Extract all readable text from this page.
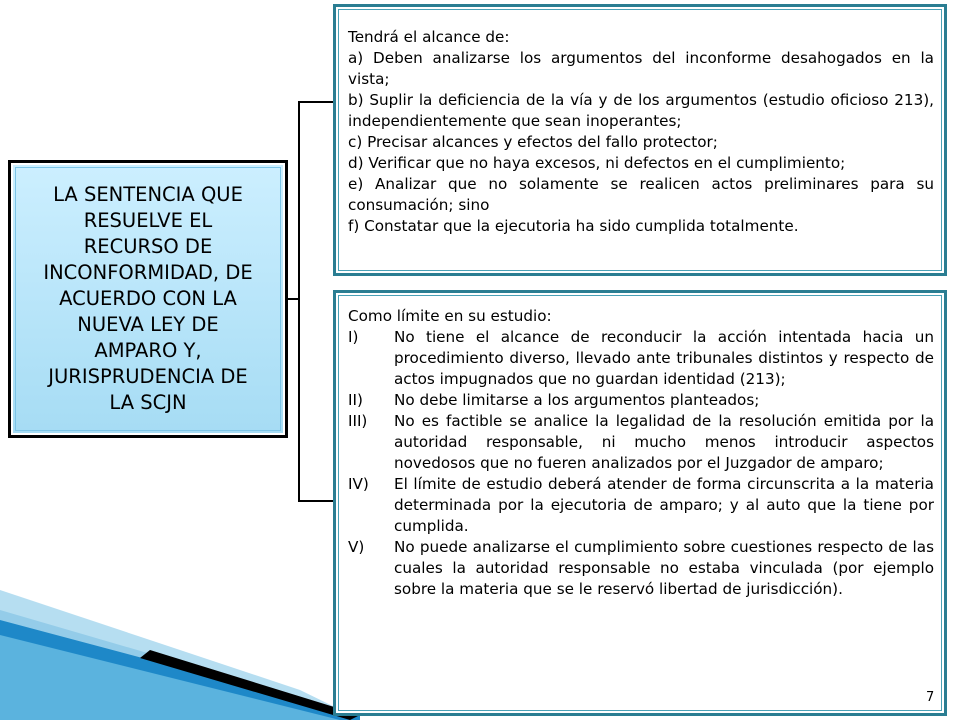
LA SENTENCIA QUE
RESUELVE EL
RECURSO DE
INCONFORMIDAD, DE
ACUERDO CON LA
NUEVA LEY DE
AMPARO Y,
JURISPRUDENCIA DE
LA SCJN

Tendrá el alcance de:

a) Deben analizarse los argumentos del inconforme desahogados en la vista;

b) Suplir la deficiencia de la vía y de los argumentos (estudio oficioso 213), independientemente que sean inoperantes;

c) Precisar alcances y efectos del fallo protector;

d) Verificar que no haya excesos, ni defectos en el cumplimiento;

e) Analizar que no solamente se realicen actos preliminares para su consumación; sino

f) Constatar que la ejecutoria ha sido cumplida totalmente.

Como límite en su estudio:

I)	No tiene el alcance de reconducir la acción intentada hacia un procedimiento diverso, llevado ante tribunales distintos y respecto de actos impugnados que no guardan identidad (213);
II)	No debe limitarse a los argumentos planteados;
III)	No es factible se analice la legalidad de la resolución emitida por la autoridad responsable, ni mucho menos introducir aspectos novedosos que no fueren analizados por el Juzgador de amparo;
IV)	El límite de estudio deberá atender de forma circunscrita a la materia determinada por la ejecutoria de amparo; y al auto que la tiene por cumplida.
V)	No puede analizarse el cumplimiento sobre cuestiones respecto de las cuales la autoridad responsable no estaba vinculada (por ejemplo sobre la materia que se le reservó libertad de jurisdicción).
7
